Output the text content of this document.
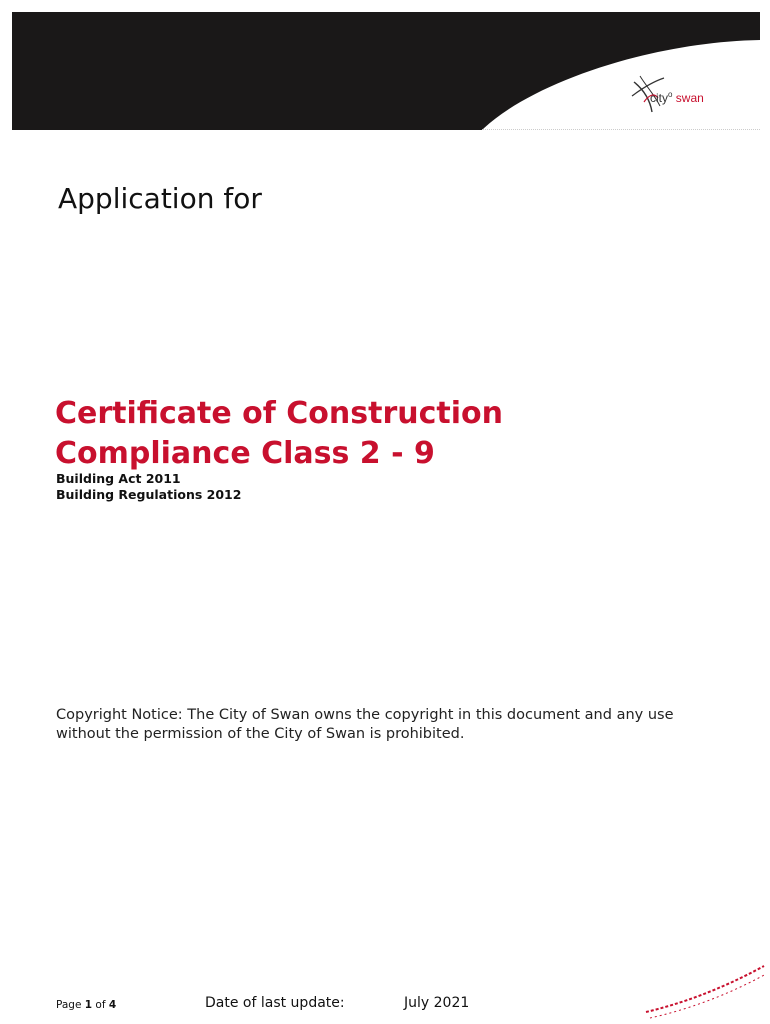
city$^o$ swan
Application for
Certificate of Construction
Compliance Class 2 - 9
Building Act 2011
Building Regulations 2012

Copyright Notice: The City of Swan owns the copyright in this document and any use without the permission of the City of Swan is prohibited.

Page 1 of 4	Date of last update:	July 2021
